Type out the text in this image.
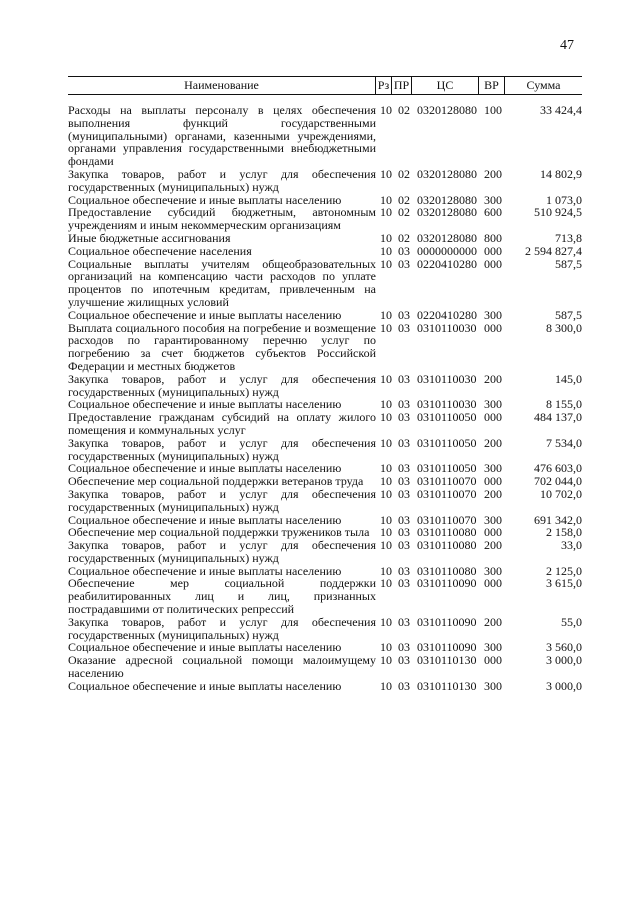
47
Наименование	Рз ПР	ЦС	ВР	Сумма
Расходы на выплаты персоналу в целях обеспечения выполнения функций государственными (муниципальными) органами, казенными учреждениями, органами управления государственными внебюджетными фондами
10 02 0320128080 100	33 424,4
Закупка товаров, работ и услуг для обеспечения государственных (муниципальных) нужд
10 02 0320128080 200	14 802,9
Социальное обеспечение и иные выплаты населению	10 02 0320128080 300	1 073,0
Предоставление субсидий бюджетным, автономным учреждениям и иным некоммерческим организациям
10 02 0320128080 600	510 924,5
Иные бюджетные ассигнования	10 02 0320128080 800	713,8
Социальное обеспечение населения	10 03 0000000000 000	2 594 827,4
Социальные выплаты учителям общеобразовательных организаций на компенсацию части расходов по уплате процентов по ипотечным кредитам, привлеченным на улучшение жилищных условий
10 03 0220410280 000	587,5
Социальное обеспечение и иные выплаты населению	10 03 0220410280 300	587,5
Выплата социального пособия на погребение и возмещение расходов по гарантированному перечню услуг по погребению за счет бюджетов субъектов Российской Федерации и местных бюджетов
10 03 0310110030 000	8 300,0
Закупка товаров, работ и услуг для обеспечения государственных (муниципальных) нужд
10 03 0310110030 200	145,0
Социальное обеспечение и иные выплаты населению	10 03 0310110030 300	8 155,0
Предоставление гражданам субсидий на оплату жилого помещения и коммунальных услуг
10 03 0310110050 000	484 137,0
Закупка товаров, работ и услуг для обеспечения государственных (муниципальных) нужд
10 03 0310110050 200	7 534,0
Социальное обеспечение и иные выплаты населению	10 03 0310110050 300	476 603,0
Обеспечение мер социальной поддержки ветеранов труда	10 03 0310110070 000	702 044,0
Закупка товаров, работ и услуг для обеспечения государственных (муниципальных) нужд
10 03 0310110070 200	10 702,0
Социальное обеспечение и иные выплаты населению	10 03 0310110070 300	691 342,0
Обеспечение мер социальной поддержки тружеников тыла 10 03 0310110080 000	2 158,0
Закупка товаров, работ и услуг для обеспечения государственных (муниципальных) нужд
10 03 0310110080 200	33,0
Социальное обеспечение и иные выплаты населению	10 03 0310110080 300	2 125,0
Обеспечение мер социальной поддержки реабилитированных лиц и лиц, признанных пострадавшими от политических репрессий
10 03 0310110090 000	3 615,0
Закупка товаров, работ и услуг для обеспечения государственных (муниципальных) нужд
10 03 0310110090 200	55,0
Социальное обеспечение и иные выплаты населению	10 03 0310110090 300	3 560,0
Оказание адресной социальной помощи малоимущему населению
10 03 0310110130 000	3 000,0
Социальное обеспечение и иные выплаты населению	10 03 0310110130 300	3 000,0
